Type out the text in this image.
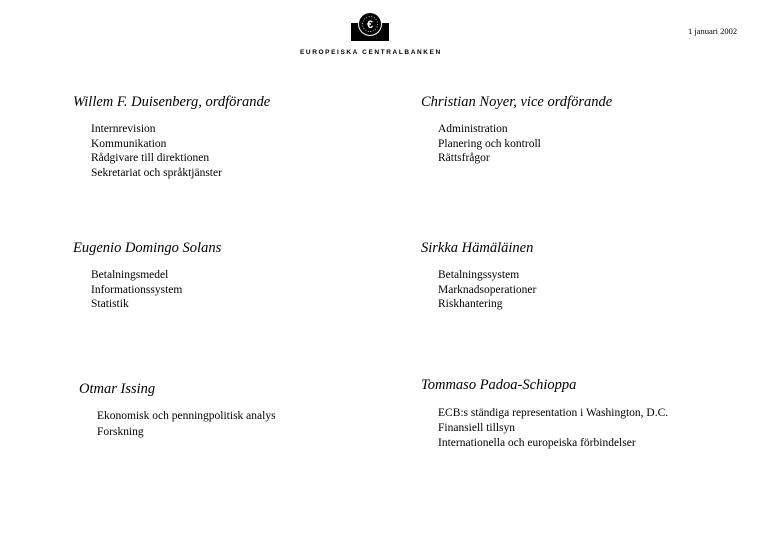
€
EUROPEISKA CENTRALBANKEN
1 januari 2002
Willem F. Duisenberg, ordförande
Internrevision
Kommunikation
Rådgivare till direktionen
Sekretariat och språktjänster
Christian Noyer, vice ordförande
Administration
Planering och kontroll
Rättsfrågor
Eugenio Domingo Solans
Betalningsmedel
Informationssystem
Statistik
Sirkka Hämäläinen
Betalningssystem
Marknadsoperationer
Riskhantering
Otmar Issing
Ekonomisk och penningpolitisk analys
Forskning
Tommaso Padoa-Schioppa
ECB:s ständiga representation i Washington, D.C.
Finansiell tillsyn
Internationella och europeiska förbindelser
